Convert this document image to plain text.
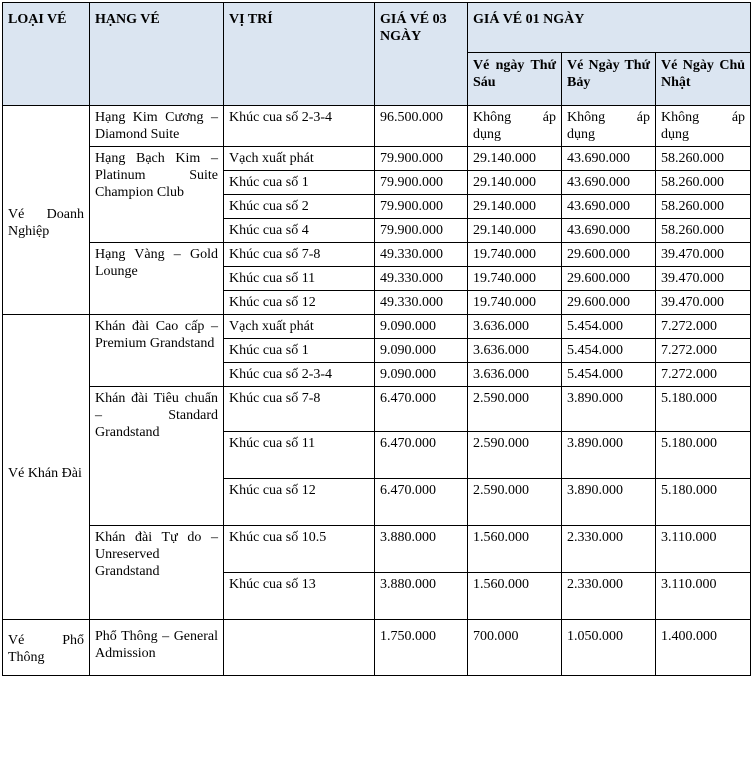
LOẠI VÉ	HẠNG VÉ	VỊ TRÍ	GIÁ VÉ 03 NGÀY	GIÁ VÉ 01 NGÀY		
				Vé ngày Thứ Sáu	Vé Ngày Thứ Bảy	Vé Ngày Chủ Nhật
Vé Doanh Nghiệp	Hạng Kim Cương – Diamond Suite	Khúc cua số 2-3-4	96.500.000	Không áp dụng	Không áp dụng	Không áp dụng
	Hạng Bạch Kim – Platinum Suite Champion Club	Vạch xuất phát	79.900.000	29.140.000	43.690.000	58.260.000
		Khúc cua số 1	79.900.000	29.140.000	43.690.000	58.260.000
		Khúc cua số 2	79.900.000	29.140.000	43.690.000	58.260.000
		Khúc cua số 4	79.900.000	29.140.000	43.690.000	58.260.000
	Hạng Vàng – Gold Lounge	Khúc cua số 7-8	49.330.000	19.740.000	29.600.000	39.470.000
		Khúc cua số 11	49.330.000	19.740.000	29.600.000	39.470.000
		Khúc cua số 12	49.330.000	19.740.000	29.600.000	39.470.000
Vé Khán Đài	Khán đài Cao cấp – Premium Grandstand	Vạch xuất phát	9.090.000	3.636.000	5.454.000	7.272.000
		Khúc cua số 1	9.090.000	3.636.000	5.454.000	7.272.000
		Khúc cua số 2-3-4	9.090.000	3.636.000	5.454.000	7.272.000
	Khán đài Tiêu chuẩn – Standard Grandstand	Khúc cua số 7-8	6.470.000	2.590.000	3.890.000	5.180.000
		Khúc cua số 11	6.470.000	2.590.000	3.890.000	5.180.000
		Khúc cua số 12	6.470.000	2.590.000	3.890.000	5.180.000
	Khán đài Tự do – Unreserved Grandstand	Khúc cua số 10.5	3.880.000	1.560.000	2.330.000	3.110.000
		Khúc cua số 13	3.880.000	1.560.000	2.330.000	3.110.000
Vé Phổ Thông	Phổ Thông – General Admission		1.750.000	700.000	1.050.000	1.400.000
